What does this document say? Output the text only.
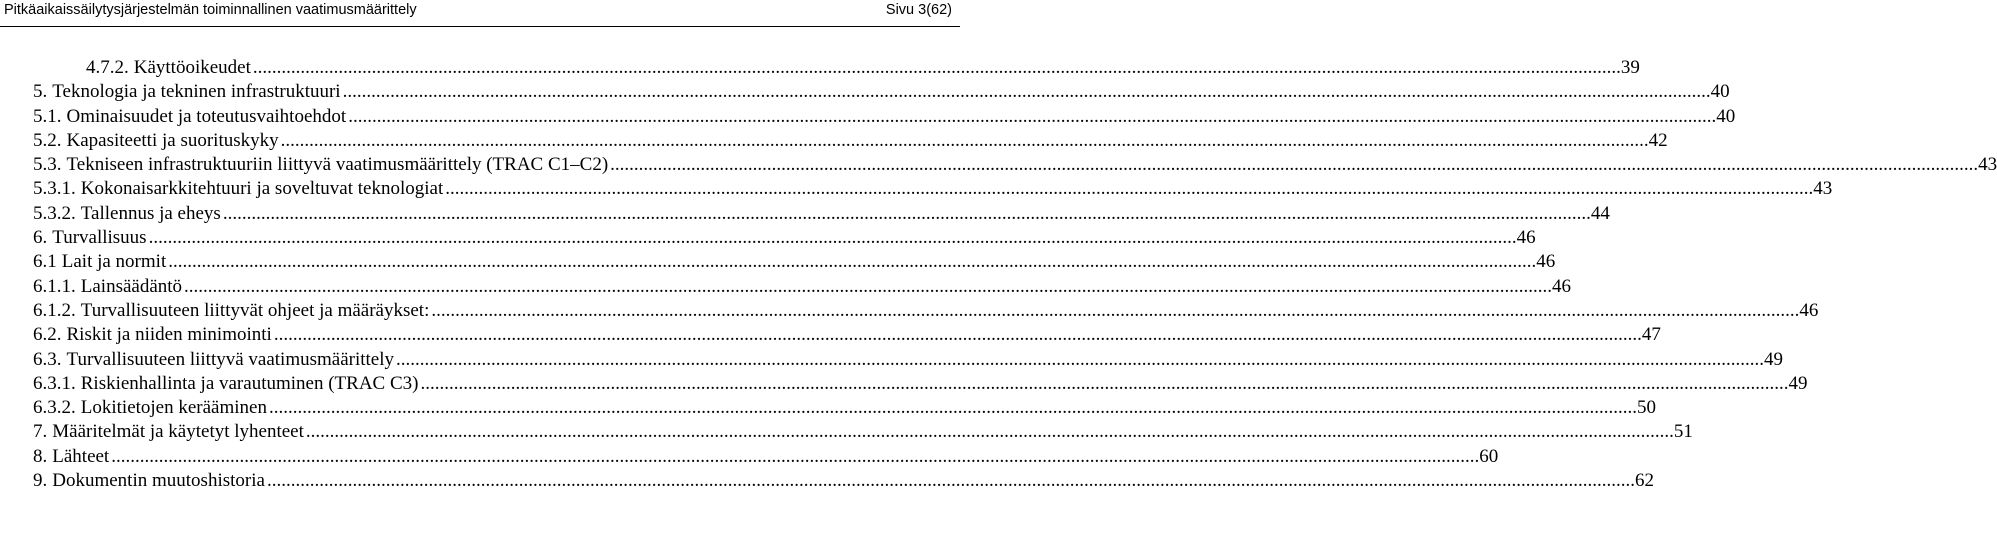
Pitkäaikaissäilytysjärjestelmän toiminnallinen vaatimusmäärittely	Sivu 3(62)
4.7.2. Käyttöoikeudet .....	39
5. Teknologia ja tekninen infrastruktuuri .....	40
5.1. Ominaisuudet ja toteutusvaihtoehdot .....	40
5.2. Kapasiteetti ja suorituskyky .....	42
5.3. Tekniseen infrastruktuuriin liittyvä vaatimusmäärittely (TRAC C1–C2) .....	43
5.3.1. Kokonaisarkkitehtuuri ja soveltuvat teknologiat .....	43
5.3.2. Tallennus ja eheys .....	44
6. Turvallisuus .....	46
6.1 Lait ja normit .....	46
6.1.1. Lainsäädäntö .....	46
6.1.2. Turvallisuuteen liittyvät ohjeet ja määräykset: .....	46
6.2. Riskit ja niiden minimointi .....	47
6.3. Turvallisuuteen liittyvä vaatimusmäärittely .....	49
6.3.1. Riskienhallinta ja varautuminen (TRAC C3) .....	49
6.3.2. Lokitietojen kerääminen .....	50
7. Määritelmät ja käytetyt lyhenteet .....	51
8. Lähteet .....	60
9. Dokumentin muutoshistoria .....	62
